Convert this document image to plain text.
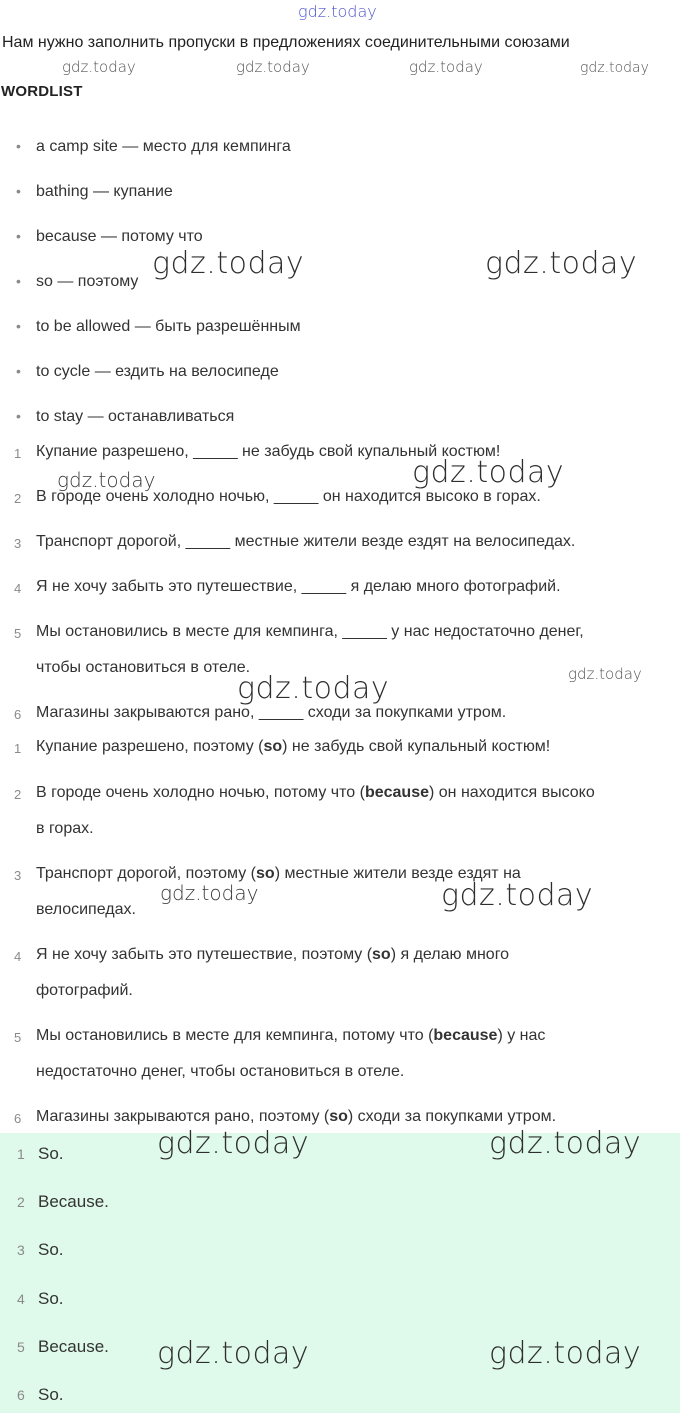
gdz.today
Нам нужно заполнить пропуски в предложениях соединительными союзами
gdz.today	gdz.today	gdz.today	gdz.today
WORDLIST
• a camp site — место для кемпинга
• bathing — купание
• because — потому что
• so — поэтому
• to be allowed — быть разрешённым
• to cycle — ездить на велосипеде
• to stay — останавливаться
gdz.today	gdz.today
1 Купание разрешено, _____ не забудь свой купальный костюм!
gdz.today	gdz.today
2 В городе очень холодно ночью, _____ он находится высоко в горах.
3 Транспорт дорогой, _____ местные жители везде ездят на велосипедах.
4 Я не хочу забыть это путешествие, _____ я делаю много фотографий.
5 Мы остановились в месте для кемпинга, _____ у нас недостаточно денег,
чтобы остановиться в отеле.	gdz.today
gdz.today
6 Магазины закрываются рано, _____ сходи за покупками утром.
1 Купание разрешено, поэтому (so) не забудь свой купальный костюм!
2 В городе очень холодно ночью, потому что (because) он находится высоко
в горах.
3 Транспорт дорогой, поэтому (so) местные жители везде ездят на
велосипедах.
gdz.today	gdz.today
4 Я не хочу забыть это путешествие, поэтому (so) я делаю много
фотографий.
5 Мы остановились в месте для кемпинга, потому что (because) у нас
недостаточно денег, чтобы остановиться в отеле.
6 Магазины закрываются рано, поэтому (so) сходи за покупками утром.
1 So.
2 Because.
3 So.
4 So.
5 Because.
6 So.
gdz.today	gdz.today
gdz.today	gdz.today
